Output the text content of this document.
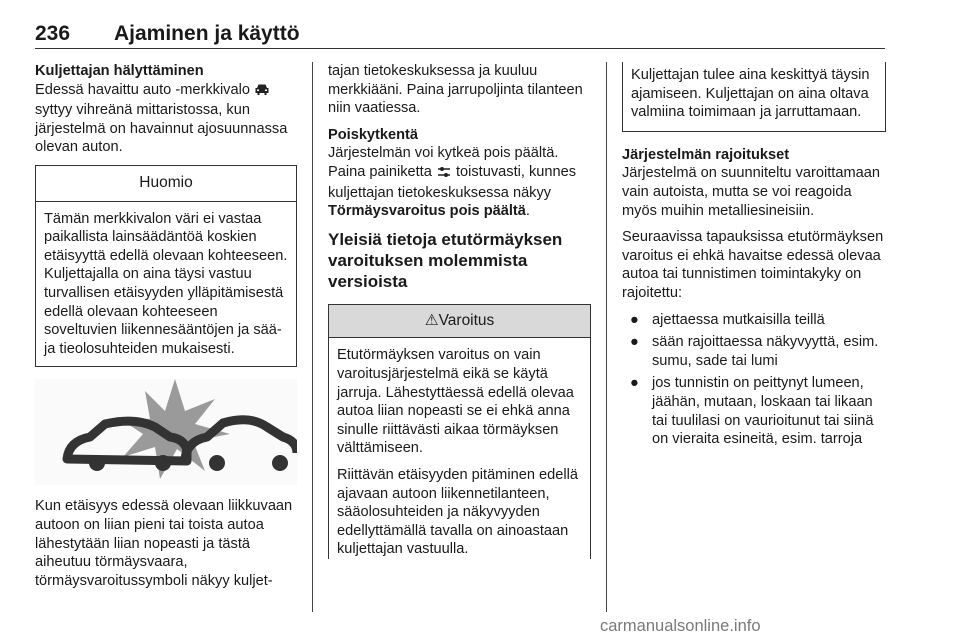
236 Ajaminen ja käyttö
Kuljettajan hälyttäminen

Edessä havaittu auto -merkkivalo  syttyy vihreänä mittaristossa, kun järjestelmä on havainnut ajosuunnassa olevan auton.

Huomio
Tämän merkkivalon väri ei vastaa paikallista lainsäädäntöä koskien etäisyyttä edellä olevaan kohteeseen. Kuljettajalla on aina täysi vastuu turvallisen etäisyyden ylläpitämisestä edellä olevaan kohteeseen soveltuvien liikennesääntöjen ja sää- ja tieolosuhteiden mukaisesti.

Kun etäisyys edessä olevaan liikkuvaan autoon on liian pieni tai toista autoa lähestytään liian nopeasti ja tästä aiheutuu törmäysvaara, törmäysvaroitussymboli näkyy kuljet-

tajan tietokeskuksessa ja kuuluu merkkiääni. Paina jarrupoljinta tilanteen niin vaatiessa.

Poiskytkentä

Järjestelmän voi kytkeä pois päältä. Paina painiketta  toistuvasti, kunnes kuljettajan tietokeskuksessa näkyy Törmäysvaroitus pois päältä.

Yleisiä tietoja etutörmäyksen varoituksen molemmista versioista
⚠Varoitus

Etutörmäyksen varoitus on vain varoitusjärjestelmä eikä se käytä jarruja. Lähestyttäessä edellä olevaa autoa liian nopeasti se ei ehkä anna sinulle riittävästi aikaa törmäyksen välttämiseen.

Riittävän etäisyyden pitäminen edellä ajavaan autoon liikennetilanteen, sääolosuhteiden ja näkyvyyden edellyttämällä tavalla on ainoastaan kuljettajan vastuulla.

Kuljettajan tulee aina keskittyä täysin ajamiseen. Kuljettajan on aina oltava valmiina toimimaan ja jarruttamaan.
Järjestelmän rajoitukset

Järjestelmä on suunniteltu varoittamaan vain autoista, mutta se voi reagoida myös muihin metalliesineisiin.

Seuraavissa tapauksissa etutörmäyksen varoitus ei ehkä havaitse edessä olevaa autoa tai tunnistimen toimintakyky on rajoitettu:

● ajettaessa mutkaisilla teillä
● sään rajoittaessa näkyvyyttä, esim. sumu, sade tai lumi
● jos tunnistin on peittynyt lumeen, jäähän, mutaan, loskaan tai likaan tai tuulilasi on vaurioitunut tai siinä on vieraita esineitä, esim. tarroja
carmanualsonline.info
